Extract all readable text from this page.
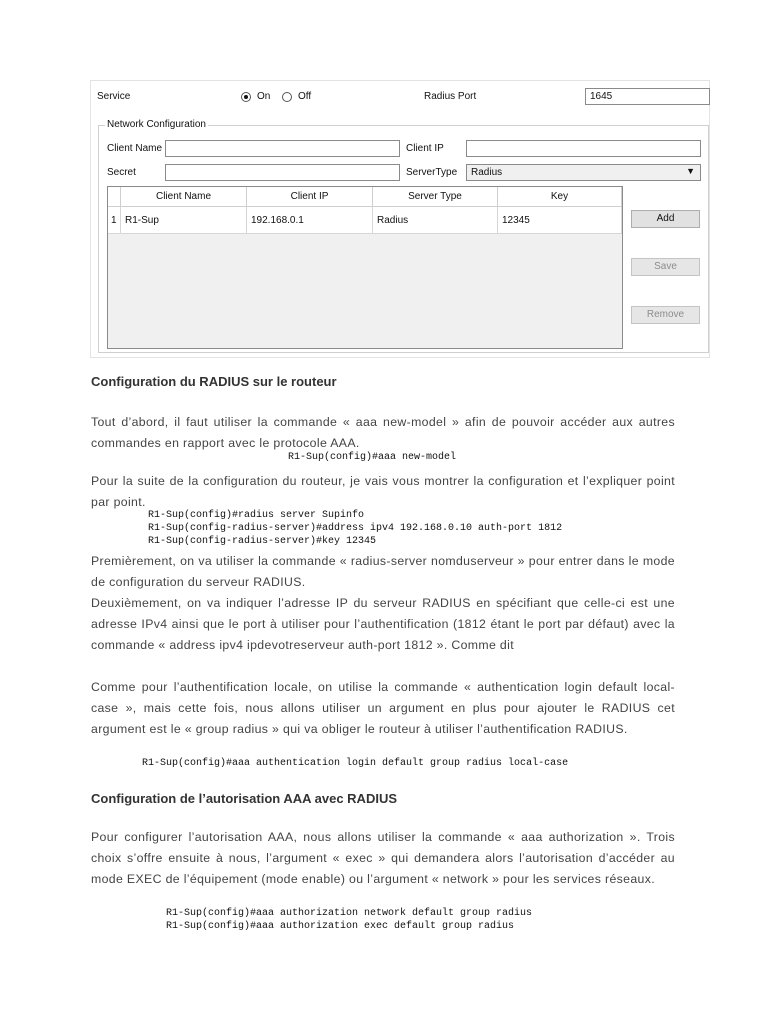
Service	On	Off	Radius Port
1645
Network Configuration
Client Name	Client IP
Secret	ServerType	Radius	▼
Client Name	Client IP	Server Type	Key
1 R1-Sup	192.168.0.1	Radius	12345	Add
Save
Remove
Configuration du RADIUS sur le routeur
Tout d’abord, il faut utiliser la commande « aaa new-model » afin de pouvoir accéder aux autres commandes en rapport avec le protocole AAA.
R1-Sup(config)#aaa new-model
Pour la suite de la configuration du routeur, je vais vous montrer la configuration et l’expliquer point par point.
R1-Sup(config)#radius server Supinfo
R1-Sup(config-radius-server)#address ipv4 192.168.0.10 auth-port 1812
R1-Sup(config-radius-server)#key 12345
Premièrement, on va utiliser la commande « radius-server nomduserveur » pour entrer dans le mode de configuration du serveur RADIUS.
Deuxièmement, on va indiquer l’adresse IP du serveur RADIUS en spécifiant que celle-ci est une adresse IPv4 ainsi que le port à utiliser pour l’authentification (1812 étant le port par défaut) avec la commande « address ipv4 ipdevotreserveur auth-port 1812 ». Comme dit
Comme pour l’authentification locale, on utilise la commande « authentication login default local-case », mais cette fois, nous allons utiliser un argument en plus pour ajouter le RADIUS cet argument est le « group radius » qui va obliger le routeur à utiliser l’authentification RADIUS.
R1-Sup(config)#aaa authentication login default group radius local-case
Configuration de l’autorisation AAA avec RADIUS
Pour configurer l’autorisation AAA, nous allons utiliser la commande « aaa authorization ». Trois choix s’offre ensuite à nous, l’argument « exec » qui demandera alors l’autorisation d’accéder au mode EXEC de l’équipement (mode enable) ou l’argument « network » pour les services réseaux.
R1-Sup(config)#aaa authorization network default group radius
R1-Sup(config)#aaa authorization exec default group radius
